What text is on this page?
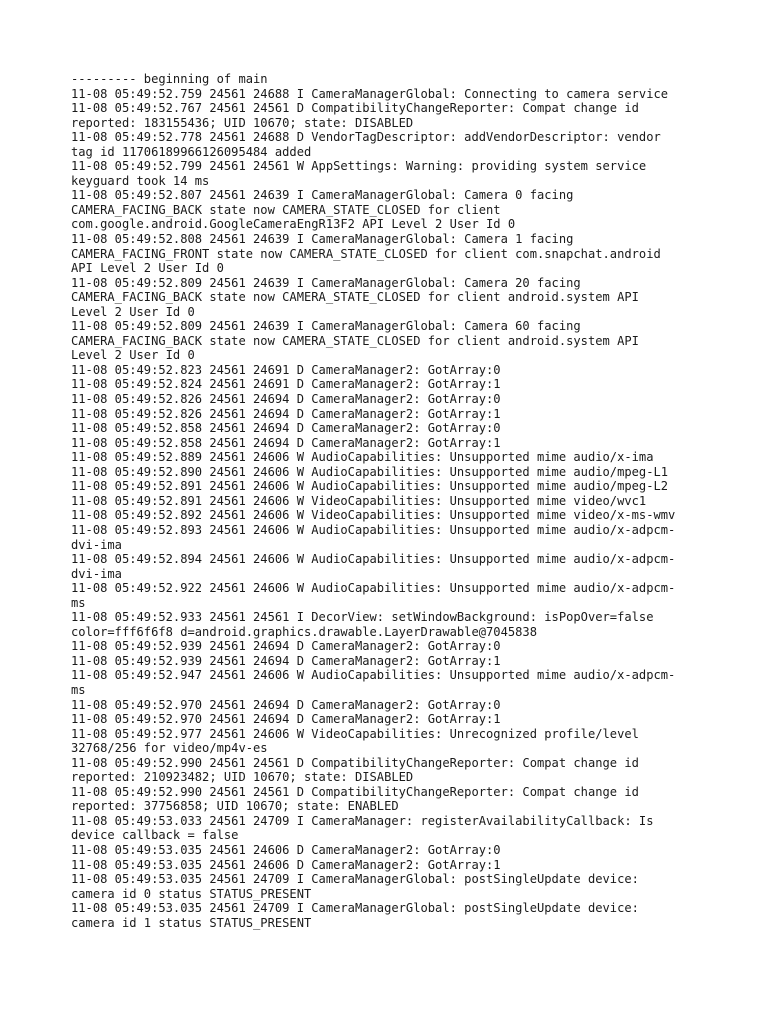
--------- beginning of main
11-08 05:49:52.759 24561 24688 I CameraManagerGlobal: Connecting to camera service
11-08 05:49:52.767 24561 24561 D CompatibilityChangeReporter: Compat change id
reported: 183155436; UID 10670; state: DISABLED
11-08 05:49:52.778 24561 24688 D VendorTagDescriptor: addVendorDescriptor: vendor
tag id 11706189966126095484 added
11-08 05:49:52.799 24561 24561 W AppSettings: Warning: providing system service
keyguard took 14 ms
11-08 05:49:52.807 24561 24639 I CameraManagerGlobal: Camera 0 facing
CAMERA_FACING_BACK state now CAMERA_STATE_CLOSED for client
com.google.android.GoogleCameraEngR13F2 API Level 2 User Id 0
11-08 05:49:52.808 24561 24639 I CameraManagerGlobal: Camera 1 facing
CAMERA_FACING_FRONT state now CAMERA_STATE_CLOSED for client com.snapchat.android
API Level 2 User Id 0
11-08 05:49:52.809 24561 24639 I CameraManagerGlobal: Camera 20 facing
CAMERA_FACING_BACK state now CAMERA_STATE_CLOSED for client android.system API
Level 2 User Id 0
11-08 05:49:52.809 24561 24639 I CameraManagerGlobal: Camera 60 facing
CAMERA_FACING_BACK state now CAMERA_STATE_CLOSED for client android.system API
Level 2 User Id 0
11-08 05:49:52.823 24561 24691 D CameraManager2: GotArray:0
11-08 05:49:52.824 24561 24691 D CameraManager2: GotArray:1
11-08 05:49:52.826 24561 24694 D CameraManager2: GotArray:0
11-08 05:49:52.826 24561 24694 D CameraManager2: GotArray:1
11-08 05:49:52.858 24561 24694 D CameraManager2: GotArray:0
11-08 05:49:52.858 24561 24694 D CameraManager2: GotArray:1
11-08 05:49:52.889 24561 24606 W AudioCapabilities: Unsupported mime audio/x-ima
11-08 05:49:52.890 24561 24606 W AudioCapabilities: Unsupported mime audio/mpeg-L1
11-08 05:49:52.891 24561 24606 W AudioCapabilities: Unsupported mime audio/mpeg-L2
11-08 05:49:52.891 24561 24606 W VideoCapabilities: Unsupported mime video/wvc1
11-08 05:49:52.892 24561 24606 W VideoCapabilities: Unsupported mime video/x-ms-wmv
11-08 05:49:52.893 24561 24606 W AudioCapabilities: Unsupported mime audio/x-adpcm-
dvi-ima
11-08 05:49:52.894 24561 24606 W AudioCapabilities: Unsupported mime audio/x-adpcm-
dvi-ima
11-08 05:49:52.922 24561 24606 W AudioCapabilities: Unsupported mime audio/x-adpcm-
ms
11-08 05:49:52.933 24561 24561 I DecorView: setWindowBackground: isPopOver=false
color=fff6f6f8 d=android.graphics.drawable.LayerDrawable@7045838
11-08 05:49:52.939 24561 24694 D CameraManager2: GotArray:0
11-08 05:49:52.939 24561 24694 D CameraManager2: GotArray:1
11-08 05:49:52.947 24561 24606 W AudioCapabilities: Unsupported mime audio/x-adpcm-
ms
11-08 05:49:52.970 24561 24694 D CameraManager2: GotArray:0
11-08 05:49:52.970 24561 24694 D CameraManager2: GotArray:1
11-08 05:49:52.977 24561 24606 W VideoCapabilities: Unrecognized profile/level
32768/256 for video/mp4v-es
11-08 05:49:52.990 24561 24561 D CompatibilityChangeReporter: Compat change id
reported: 210923482; UID 10670; state: DISABLED
11-08 05:49:52.990 24561 24561 D CompatibilityChangeReporter: Compat change id
reported: 37756858; UID 10670; state: ENABLED
11-08 05:49:53.033 24561 24709 I CameraManager: registerAvailabilityCallback: Is
device callback = false
11-08 05:49:53.035 24561 24606 D CameraManager2: GotArray:0
11-08 05:49:53.035 24561 24606 D CameraManager2: GotArray:1
11-08 05:49:53.035 24561 24709 I CameraManagerGlobal: postSingleUpdate device:
camera id 0 status STATUS_PRESENT
11-08 05:49:53.035 24561 24709 I CameraManagerGlobal: postSingleUpdate device:
camera id 1 status STATUS_PRESENT
